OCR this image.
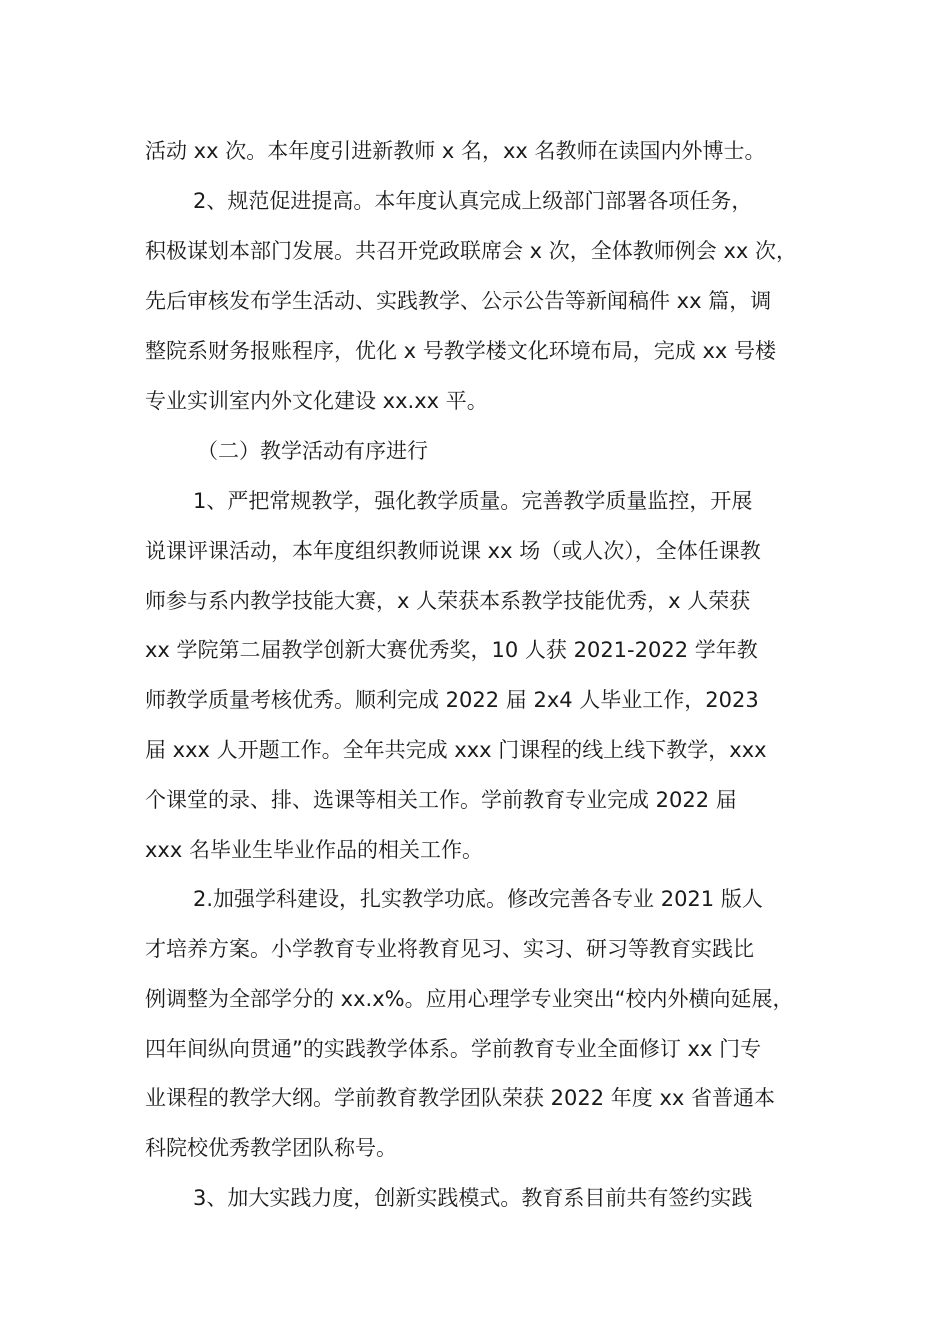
活动 xx 次。本年度引进新教师 x 名，xx 名教师在读国内外博士。
2、规范促进提高。本年度认真完成上级部门部署各项任务，
积极谋划本部门发展。共召开党政联席会 x 次，全体教师例会 xx 次，
先后审核发布学生活动、实践教学、公示公告等新闻稿件 xx 篇，调
整院系财务报账程序，优化 x 号教学楼文化环境布局，完成 xx 号楼
专业实训室内外文化建设 xx.xx 平。
（二）教学活动有序进行
1、严把常规教学，强化教学质量。完善教学质量监控，开展
说课评课活动，本年度组织教师说课 xx 场（或人次），全体任课教
师参与系内教学技能大赛，x 人荣获本系教学技能优秀，x 人荣获
xx 学院第二届教学创新大赛优秀奖，10 人获 2021-2022 学年教
师教学质量考核优秀。顺利完成 2022 届 2x4 人毕业工作，2023
届 xxx 人开题工作。全年共完成 xxx 门课程的线上线下教学，xxx
个课堂的录、排、选课等相关工作。学前教育专业完成 2022 届
xxx 名毕业生毕业作品的相关工作。
2.加强学科建设，扎实教学功底。修改完善各专业 2021 版人
才培养方案。小学教育专业将教育见习、实习、研习等教育实践比
例调整为全部学分的 xx.x%。应用心理学专业突出“校内外横向延展，
四年间纵向贯通”的实践教学体系。学前教育专业全面修订 xx 门专
业课程的教学大纲。学前教育教学团队荣获 2022 年度 xx 省普通本
科院校优秀教学团队称号。
3、加大实践力度，创新实践模式。教育系目前共有签约实践
